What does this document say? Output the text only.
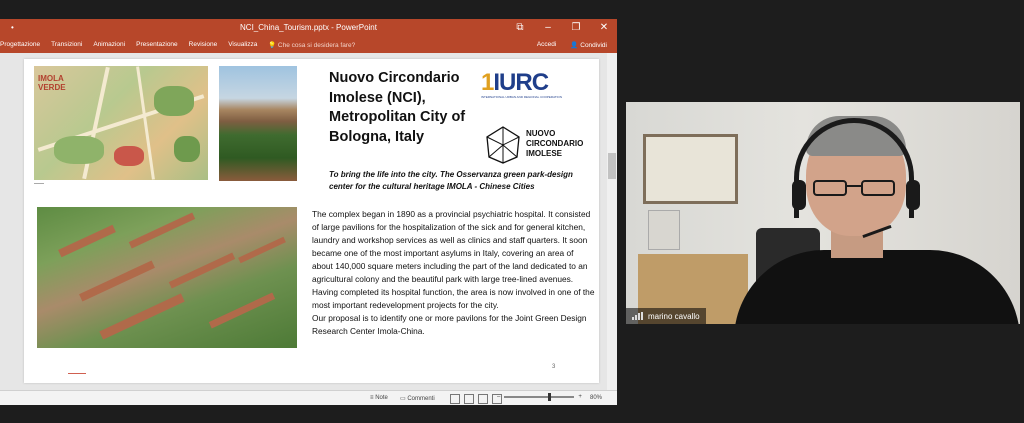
•	NCI_China_Tourism.pptx - PowerPoint	⧉	–	❐ ✕
Progettazione Transizioni Animazioni Presentazione Revisione Visualizza 💡 Che cosa si desidera fare?	Accedi 👤 Condividi
IMOLA VERDE
Nuovo Circondario Imolese (NCI), Metropolitan City of Bologna, Italy
1IURC
INTERNATIONAL URBAN AND REGIONAL COOPERATION
NUOVO
CIRCONDARIO
IMOLESE
To bring the life into the city. The Osservanza green park-design center for the cultural heritage IMOLA - Chinese Cities

The complex began in 1890 as a provincial psychiatric hospital. It consisted of large pavilions for the hospitalization of the sick and for general kitchen, laundry and workshop services as well as clinics and staff quarters. It soon became one of the most important asylums in Italy, covering an area of about 140,000 square meters including the part of the land dedicated to an agricultural colony and the beautiful park with large tree-lined avenues. Having completed its hospital function, the area is now involved in one of the most important redevelopment projects for the city.

Our proposal is to identify one or more pavilons for the Joint Green Design Research Center Imola-China.

3
≡ Note ▭ Commenti	–	+ 80%
marino cavallo
